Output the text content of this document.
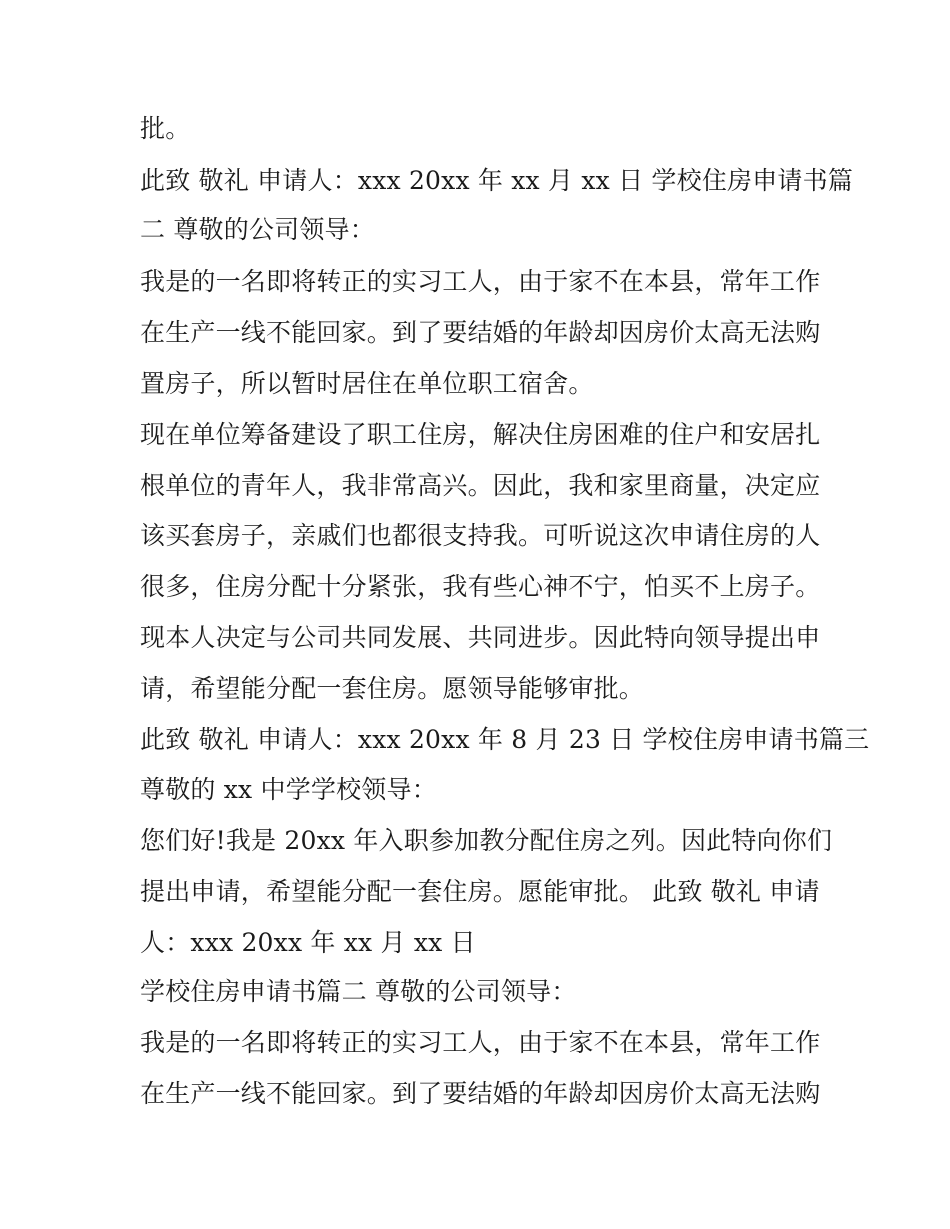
批。

此致 敬礼 申请人：xxx 20xx 年 xx 月 xx 日 学校住房申请书篇

二 尊敬的公司领导：

我是的一名即将转正的实习工人，由于家不在本县，常年工作

在生产一线不能回家。到了要结婚的年龄却因房价太高无法购

置房子，所以暂时居住在单位职工宿舍。

现在单位筹备建设了职工住房，解决住房困难的住户和安居扎

根单位的青年人，我非常高兴。因此，我和家里商量，决定应

该买套房子，亲戚们也都很支持我。可听说这次申请住房的人

很多，住房分配十分紧张，我有些心神不宁，怕买不上房子。

现本人决定与公司共同发展、共同进步。因此特向领导提出申

请，希望能分配一套住房。愿领导能够审批。

此致 敬礼 申请人：xxx 20xx 年 8 月 23 日 学校住房申请书篇三

尊敬的 xx 中学学校领导：

您们好!我是 20xx 年入职参加教分配住房之列。因此特向你们

提出申请，希望能分配一套住房。愿能审批。 此致 敬礼 申请

人：xxx 20xx 年 xx 月 xx 日

学校住房申请书篇二 尊敬的公司领导：

我是的一名即将转正的实习工人，由于家不在本县，常年工作

在生产一线不能回家。到了要结婚的年龄却因房价太高无法购
